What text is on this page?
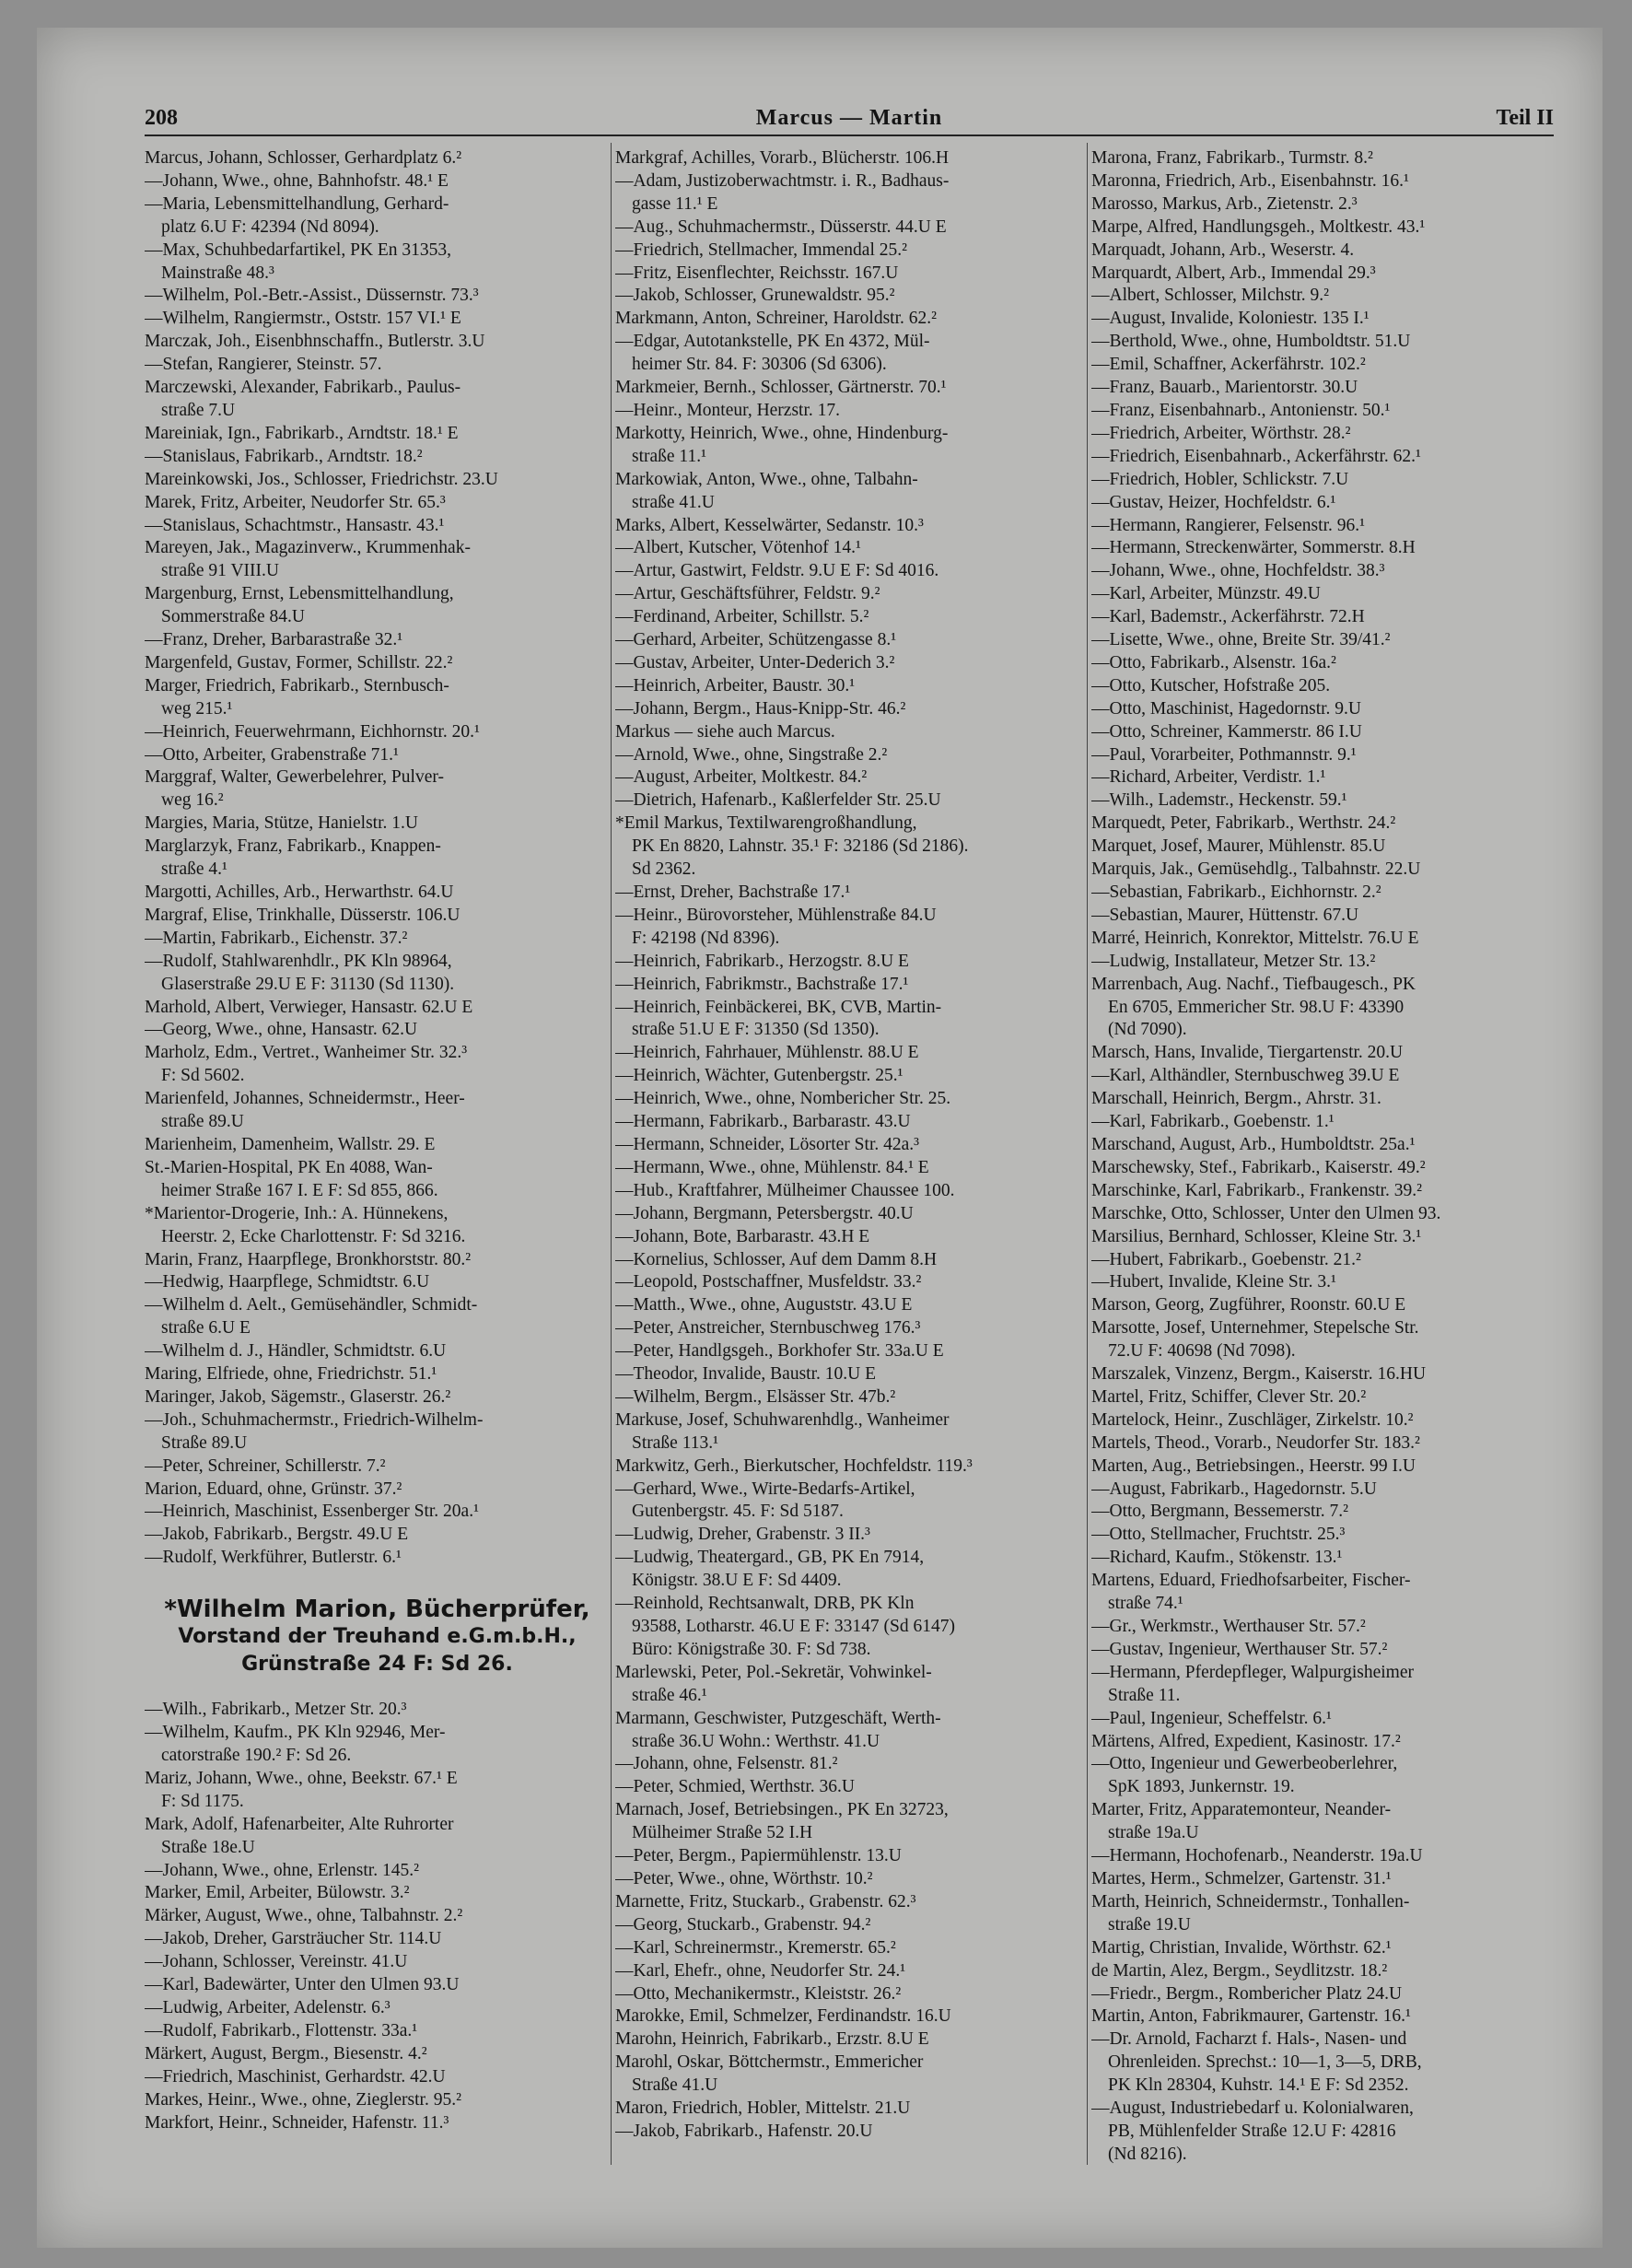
208	Marcus — Martin	Teil II
Marcus, Johann, Schlosser, Gerhardplatz 6.²
—Johann, Wwe., ohne, Bahnhofstr. 48.¹ E
—Maria, Lebensmittelhandlung, Gerhard-
platz 6.U F: 42394 (Nd 8094).
—Max, Schuhbedarfartikel, PK En 31353,
Mainstraße 48.³
—Wilhelm, Pol.-Betr.-Assist., Düssernstr. 73.³
—Wilhelm, Rangiermstr., Oststr. 157 VI.¹ E
Marczak, Joh., Eisenbhnschaffn., Butlerstr. 3.U
—Stefan, Rangierer, Steinstr. 57.
Marczewski, Alexander, Fabrikarb., Paulus-
straße 7.U
Mareiniak, Ign., Fabrikarb., Arndtstr. 18.¹ E
—Stanislaus, Fabrikarb., Arndtstr. 18.²
Mareinkowski, Jos., Schlosser, Friedrichstr. 23.U
Marek, Fritz, Arbeiter, Neudorfer Str. 65.³
—Stanislaus, Schachtmstr., Hansastr. 43.¹
Mareyen, Jak., Magazinverw., Krummenhak-
straße 91 VIII.U
Margenburg, Ernst, Lebensmittelhandlung,
Sommerstraße 84.U
—Franz, Dreher, Barbarastraße 32.¹
Margenfeld, Gustav, Former, Schillstr. 22.²
Marger, Friedrich, Fabrikarb., Sternbusch-
weg 215.¹
—Heinrich, Feuerwehrmann, Eichhornstr. 20.¹
—Otto, Arbeiter, Grabenstraße 71.¹
Marggraf, Walter, Gewerbelehrer, Pulver-
weg 16.²
Margies, Maria, Stütze, Hanielstr. 1.U
Marglarzyk, Franz, Fabrikarb., Knappen-
straße 4.¹
Margotti, Achilles, Arb., Herwarthstr. 64.U
Margraf, Elise, Trinkhalle, Düsserstr. 106.U
—Martin, Fabrikarb., Eichenstr. 37.²
—Rudolf, Stahlwarenhdlr., PK Kln 98964,
Glaserstraße 29.U E F: 31130 (Sd 1130).
Marhold, Albert, Verwieger, Hansastr. 62.U E
—Georg, Wwe., ohne, Hansastr. 62.U
Marholz, Edm., Vertret., Wanheimer Str. 32.³
F: Sd 5602.
Marienfeld, Johannes, Schneidermstr., Heer-
straße 89.U
Marienheim, Damenheim, Wallstr. 29. E
St.-Marien-Hospital, PK En 4088, Wan-
heimer Straße 167 I. E F: Sd 855, 866.
*Marientor-Drogerie, Inh.: A. Hünnekens,
Heerstr. 2, Ecke Charlottenstr. F: Sd 3216.
Marin, Franz, Haarpflege, Bronkhorststr. 80.²
—Hedwig, Haarpflege, Schmidtstr. 6.U
—Wilhelm d. Aelt., Gemüsehändler, Schmidt-
straße 6.U E
—Wilhelm d. J., Händler, Schmidtstr. 6.U
Maring, Elfriede, ohne, Friedrichstr. 51.¹
Maringer, Jakob, Sägemstr., Glaserstr. 26.²
—Joh., Schuhmachermstr., Friedrich-Wilhelm-
Straße 89.U
—Peter, Schreiner, Schillerstr. 7.²
Marion, Eduard, ohne, Grünstr. 37.²
—Heinrich, Maschinist, Essenberger Str. 20a.¹
—Jakob, Fabrikarb., Bergstr. 49.U E
—Rudolf, Werkführer, Butlerstr. 6.¹
*Wilhelm Marion, Bücherprüfer,
Vorstand der Treuhand e.G.m.b.H.,
Grünstraße 24 F: Sd 26.
—Wilh., Fabrikarb., Metzer Str. 20.³
—Wilhelm, Kaufm., PK Kln 92946, Mer-
catorstraße 190.² F: Sd 26.
Mariz, Johann, Wwe., ohne, Beekstr. 67.¹ E
F: Sd 1175.
Mark, Adolf, Hafenarbeiter, Alte Ruhrorter
Straße 18e.U
—Johann, Wwe., ohne, Erlenstr. 145.²
Marker, Emil, Arbeiter, Bülowstr. 3.²
Märker, August, Wwe., ohne, Talbahnstr. 2.²
—Jakob, Dreher, Garsträucher Str. 114.U
—Johann, Schlosser, Vereinstr. 41.U
—Karl, Badewärter, Unter den Ulmen 93.U
—Ludwig, Arbeiter, Adelenstr. 6.³
—Rudolf, Fabrikarb., Flottenstr. 33a.¹
Märkert, August, Bergm., Biesenstr. 4.²
—Friedrich, Maschinist, Gerhardstr. 42.U
Markes, Heinr., Wwe., ohne, Zieglerstr. 95.²
Markfort, Heinr., Schneider, Hafenstr. 11.³
Markgraf, Achilles, Vorarb., Blücherstr. 106.H
—Adam, Justizoberwachtmstr. i. R., Badhaus-
gasse 11.¹ E
—Aug., Schuhmachermstr., Düsserstr. 44.U E
—Friedrich, Stellmacher, Immendal 25.²
—Fritz, Eisenflechter, Reichsstr. 167.U
—Jakob, Schlosser, Grunewaldstr. 95.²
Markmann, Anton, Schreiner, Haroldstr. 62.²
—Edgar, Autotankstelle, PK En 4372, Mül-
heimer Str. 84. F: 30306 (Sd 6306).
Markmeier, Bernh., Schlosser, Gärtnerstr. 70.¹
—Heinr., Monteur, Herzstr. 17.
Markotty, Heinrich, Wwe., ohne, Hindenburg-
straße 11.¹
Markowiak, Anton, Wwe., ohne, Talbahn-
straße 41.U
Marks, Albert, Kesselwärter, Sedanstr. 10.³
—Albert, Kutscher, Vötenhof 14.¹
—Artur, Gastwirt, Feldstr. 9.U E F: Sd 4016.
—Artur, Geschäftsführer, Feldstr. 9.²
—Ferdinand, Arbeiter, Schillstr. 5.²
—Gerhard, Arbeiter, Schützengasse 8.¹
—Gustav, Arbeiter, Unter-Dederich 3.²
—Heinrich, Arbeiter, Baustr. 30.¹
—Johann, Bergm., Haus-Knipp-Str. 46.²
Markus — siehe auch Marcus.
—Arnold, Wwe., ohne, Singstraße 2.²
—August, Arbeiter, Moltkestr. 84.²
—Dietrich, Hafenarb., Kaßlerfelder Str. 25.U
*Emil Markus, Textilwarengroßhandlung,
PK En 8820, Lahnstr. 35.¹ F: 32186 (Sd 2186).
Sd 2362.
—Ernst, Dreher, Bachstraße 17.¹
—Heinr., Bürovorsteher, Mühlenstraße 84.U
F: 42198 (Nd 8396).
—Heinrich, Fabrikarb., Herzogstr. 8.U E
—Heinrich, Fabrikmstr., Bachstraße 17.¹
—Heinrich, Feinbäckerei, BK, CVB, Martin-
straße 51.U E F: 31350 (Sd 1350).
—Heinrich, Fahrhauer, Mühlenstr. 88.U E
—Heinrich, Wächter, Gutenbergstr. 25.¹
—Heinrich, Wwe., ohne, Nombericher Str. 25.
—Hermann, Fabrikarb., Barbarastr. 43.U
—Hermann, Schneider, Lösorter Str. 42a.³
—Hermann, Wwe., ohne, Mühlenstr. 84.¹ E
—Hub., Kraftfahrer, Mülheimer Chaussee 100.
—Johann, Bergmann, Petersbergstr. 40.U
—Johann, Bote, Barbarastr. 43.H E
—Kornelius, Schlosser, Auf dem Damm 8.H
—Leopold, Postschaffner, Musfeldstr. 33.²
—Matth., Wwe., ohne, Auguststr. 43.U E
—Peter, Anstreicher, Sternbuschweg 176.³
—Peter, Handlgsgeh., Borkhofer Str. 33a.U E
—Theodor, Invalide, Baustr. 10.U E
—Wilhelm, Bergm., Elsässer Str. 47b.²
Markuse, Josef, Schuhwarenhdlg., Wanheimer
Straße 113.¹
Markwitz, Gerh., Bierkutscher, Hochfeldstr. 119.³
—Gerhard, Wwe., Wirte-Bedarfs-Artikel,
Gutenbergstr. 45. F: Sd 5187.
—Ludwig, Dreher, Grabenstr. 3 II.³
—Ludwig, Theatergard., GB, PK En 7914,
Königstr. 38.U E F: Sd 4409.
—Reinhold, Rechtsanwalt, DRB, PK Kln
93588, Lotharstr. 46.U E F: 33147 (Sd 6147)
Büro: Königstraße 30. F: Sd 738.
Marlewski, Peter, Pol.-Sekretär, Vohwinkel-
straße 46.¹
Marmann, Geschwister, Putzgeschäft, Werth-
straße 36.U Wohn.: Werthstr. 41.U
—Johann, ohne, Felsenstr. 81.²
—Peter, Schmied, Werthstr. 36.U
Marnach, Josef, Betriebsingen., PK En 32723,
Mülheimer Straße 52 I.H
—Peter, Bergm., Papiermühlenstr. 13.U
—Peter, Wwe., ohne, Wörthstr. 10.²
Marnette, Fritz, Stuckarb., Grabenstr. 62.³
—Georg, Stuckarb., Grabenstr. 94.²
—Karl, Schreinermstr., Kremerstr. 65.²
—Karl, Ehefr., ohne, Neudorfer Str. 24.¹
—Otto, Mechanikermstr., Kleiststr. 26.²
Marokke, Emil, Schmelzer, Ferdinandstr. 16.U
Marohn, Heinrich, Fabrikarb., Erzstr. 8.U E
Marohl, Oskar, Böttchermstr., Emmericher
Straße 41.U
Maron, Friedrich, Hobler, Mittelstr. 21.U
—Jakob, Fabrikarb., Hafenstr. 20.U
Marona, Franz, Fabrikarb., Turmstr. 8.²
Maronna, Friedrich, Arb., Eisenbahnstr. 16.¹
Marosso, Markus, Arb., Zietenstr. 2.³
Marpe, Alfred, Handlungsgeh., Moltkestr. 43.¹
Marquadt, Johann, Arb., Weserstr. 4.
Marquardt, Albert, Arb., Immendal 29.³
—Albert, Schlosser, Milchstr. 9.²
—August, Invalide, Koloniestr. 135 I.¹
—Berthold, Wwe., ohne, Humboldtstr. 51.U
—Emil, Schaffner, Ackerfährstr. 102.²
—Franz, Bauarb., Marientorstr. 30.U
—Franz, Eisenbahnarb., Antonienstr. 50.¹
—Friedrich, Arbeiter, Wörthstr. 28.²
—Friedrich, Eisenbahnarb., Ackerfährstr. 62.¹
—Friedrich, Hobler, Schlickstr. 7.U
—Gustav, Heizer, Hochfeldstr. 6.¹
—Hermann, Rangierer, Felsenstr. 96.¹
—Hermann, Streckenwärter, Sommerstr. 8.H
—Johann, Wwe., ohne, Hochfeldstr. 38.³
—Karl, Arbeiter, Münzstr. 49.U
—Karl, Bademstr., Ackerfährstr. 72.H
—Lisette, Wwe., ohne, Breite Str. 39/41.²
—Otto, Fabrikarb., Alsenstr. 16a.²
—Otto, Kutscher, Hofstraße 205.
—Otto, Maschinist, Hagedornstr. 9.U
—Otto, Schreiner, Kammerstr. 86 I.U
—Paul, Vorarbeiter, Pothmannstr. 9.¹
—Richard, Arbeiter, Verdistr. 1.¹
—Wilh., Lademstr., Heckenstr. 59.¹
Marquedt, Peter, Fabrikarb., Werthstr. 24.²
Marquet, Josef, Maurer, Mühlenstr. 85.U
Marquis, Jak., Gemüsehdlg., Talbahnstr. 22.U
—Sebastian, Fabrikarb., Eichhornstr. 2.²
—Sebastian, Maurer, Hüttenstr. 67.U
Marré, Heinrich, Konrektor, Mittelstr. 76.U E
—Ludwig, Installateur, Metzer Str. 13.²
Marrenbach, Aug. Nachf., Tiefbaugesch., PK
En 6705, Emmericher Str. 98.U F: 43390
(Nd 7090).
Marsch, Hans, Invalide, Tiergartenstr. 20.U
—Karl, Althändler, Sternbuschweg 39.U E
Marschall, Heinrich, Bergm., Ahrstr. 31.
—Karl, Fabrikarb., Goebenstr. 1.¹
Marschand, August, Arb., Humboldtstr. 25a.¹
Marschewsky, Stef., Fabrikarb., Kaiserstr. 49.²
Marschinke, Karl, Fabrikarb., Frankenstr. 39.²
Marschke, Otto, Schlosser, Unter den Ulmen 93.
Marsilius, Bernhard, Schlosser, Kleine Str. 3.¹
—Hubert, Fabrikarb., Goebenstr. 21.²
—Hubert, Invalide, Kleine Str. 3.¹
Marson, Georg, Zugführer, Roonstr. 60.U E
Marsotte, Josef, Unternehmer, Stepelsche Str.
72.U F: 40698 (Nd 7098).
Marszalek, Vinzenz, Bergm., Kaiserstr. 16.HU
Martel, Fritz, Schiffer, Clever Str. 20.²
Martelock, Heinr., Zuschläger, Zirkelstr. 10.²
Martels, Theod., Vorarb., Neudorfer Str. 183.²
Marten, Aug., Betriebsingen., Heerstr. 99 I.U
—August, Fabrikarb., Hagedornstr. 5.U
—Otto, Bergmann, Bessemerstr. 7.²
—Otto, Stellmacher, Fruchtstr. 25.³
—Richard, Kaufm., Stökenstr. 13.¹
Martens, Eduard, Friedhofsarbeiter, Fischer-
straße 74.¹
—Gr., Werkmstr., Werthauser Str. 57.²
—Gustav, Ingenieur, Werthauser Str. 57.²
—Hermann, Pferdepfleger, Walpurgisheimer
Straße 11.
—Paul, Ingenieur, Scheffelstr. 6.¹
Märtens, Alfred, Expedient, Kasinostr. 17.²
—Otto, Ingenieur und Gewerbeoberlehrer,
SpK 1893, Junkernstr. 19.
Marter, Fritz, Apparatemonteur, Neander-
straße 19a.U
—Hermann, Hochofenarb., Neanderstr. 19a.U
Martes, Herm., Schmelzer, Gartenstr. 31.¹
Marth, Heinrich, Schneidermstr., Tonhallen-
straße 19.U
Martig, Christian, Invalide, Wörthstr. 62.¹
de Martin, Alez, Bergm., Seydlitzstr. 18.²
—Friedr., Bergm., Rombericher Platz 24.U
Martin, Anton, Fabrikmaurer, Gartenstr. 16.¹
—Dr. Arnold, Facharzt f. Hals-, Nasen- und
Ohrenleiden. Sprechst.: 10—1, 3—5, DRB,
PK Kln 28304, Kuhstr. 14.¹ E F: Sd 2352.
—August, Industriebedarf u. Kolonialwaren,
PB, Mühlenfelder Straße 12.U F: 42816
(Nd 8216).
